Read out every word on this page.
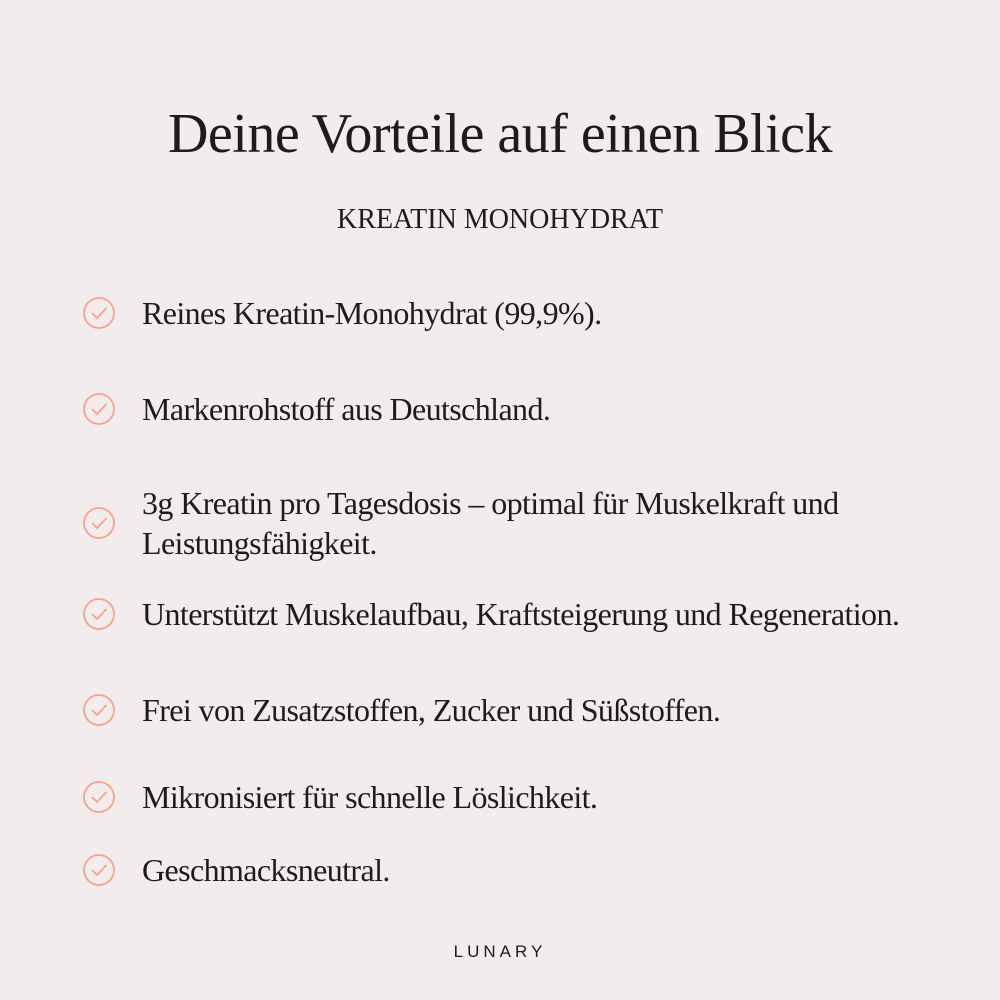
Deine Vorteile auf einen Blick
KREATIN MONOHYDRAT
Reines Kreatin-Monohydrat (99,9%).
Markenrohstoff aus Deutschland.
3g Kreatin pro Tagesdosis – optimal für Muskelkraft und Leistungsfähigkeit.
Unterstützt Muskelaufbau, Kraftsteigerung und Regeneration.
Frei von Zusatzstoffen, Zucker und Süßstoffen.
Mikronisiert für schnelle Löslichkeit.
Geschmacksneutral.
LUNARY
